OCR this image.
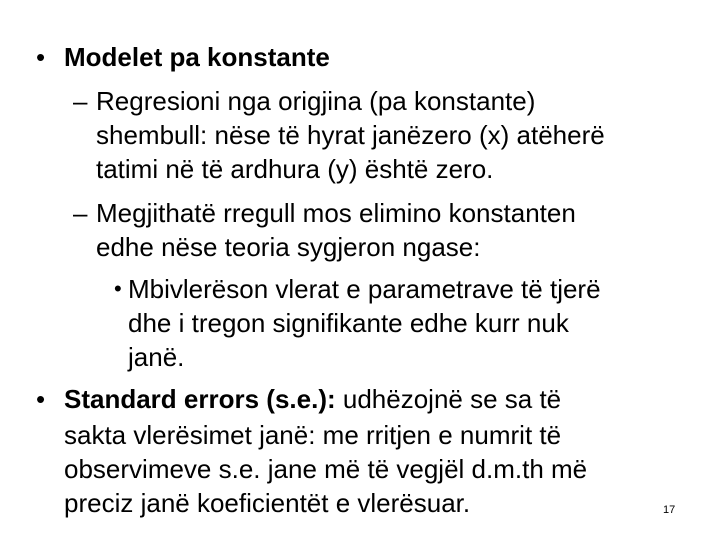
• Modelet pa konstante
– Regresioni nga origjina (pa konstante)
shembull: nëse të hyrat janëzero (x) atëherë
tatimi në të ardhura (y) është zero.
– Megjithatë rregull mos elimino konstanten
edhe nëse teoria sygjeron ngase:
• Mbivlerëson vlerat e parametrave të tjerë
dhe i tregon signifikante edhe kurr nuk
janë.
• Standard errors (s.e.): udhëzojnë se sa të
sakta vlerësimet janë: me rritjen e numrit të
observimeve s.e. jane më të vegjël d.m.th më
preciz janë koeficientët e vlerësuar.	17
